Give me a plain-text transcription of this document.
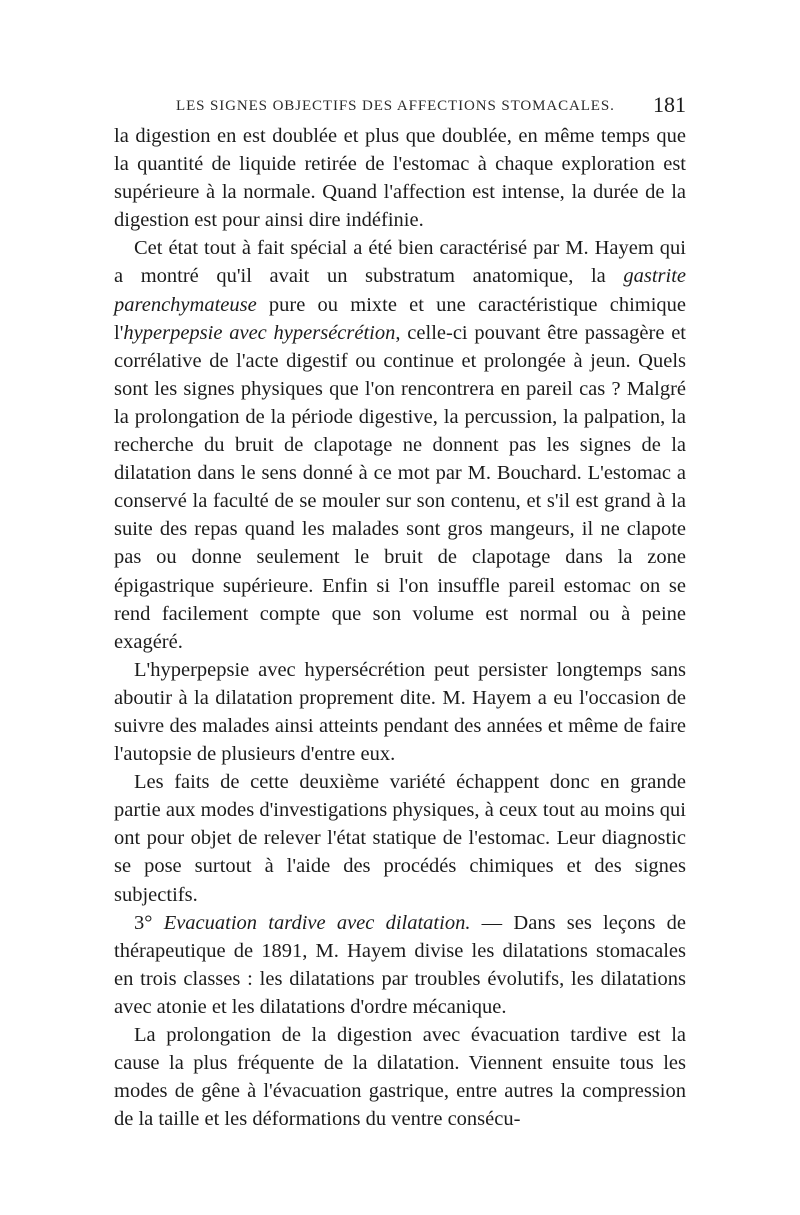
LES SIGNES OBJECTIFS DES AFFECTIONS STOMACALES. 181

la digestion en est doublée et plus que doublée, en même temps que la quantité de liquide retirée de l'estomac à chaque exploration est supérieure à la normale. Quand l'affection est intense, la durée de la digestion est pour ainsi dire indéfinie.

Cet état tout à fait spécial a été bien caractérisé par M. Hayem qui a montré qu'il avait un substratum anatomique, la gastrite parenchymateuse pure ou mixte et une caractéristique chimique l'hyperpepsie avec hypersécrétion, celle-ci pouvant être passagère et corrélative de l'acte digestif ou continue et prolongée à jeun. Quels sont les signes physiques que l'on rencontrera en pareil cas ? Malgré la prolongation de la période digestive, la percussion, la palpation, la recherche du bruit de clapotage ne donnent pas les signes de la dilatation dans le sens donné à ce mot par M. Bouchard. L'estomac a conservé la faculté de se mouler sur son contenu, et s'il est grand à la suite des repas quand les malades sont gros mangeurs, il ne clapote pas ou donne seulement le bruit de clapotage dans la zone épigastrique supérieure. Enfin si l'on insuffle pareil estomac on se rend facilement compte que son volume est normal ou à peine exagéré.

L'hyperpepsie avec hypersécrétion peut persister longtemps sans aboutir à la dilatation proprement dite. M. Hayem a eu l'occasion de suivre des malades ainsi atteints pendant des années et même de faire l'autopsie de plusieurs d'entre eux.

Les faits de cette deuxième variété échappent donc en grande partie aux modes d'investigations physiques, à ceux tout au moins qui ont pour objet de relever l'état statique de l'estomac. Leur diagnostic se pose surtout à l'aide des procédés chimiques et des signes subjectifs.

3° Evacuation tardive avec dilatation. — Dans ses leçons de thérapeutique de 1891, M. Hayem divise les dilatations stomacales en trois classes : les dilatations par troubles évolutifs, les dilatations avec atonie et les dilatations d'ordre mécanique.

La prolongation de la digestion avec évacuation tardive est la cause la plus fréquente de la dilatation. Viennent ensuite tous les modes de gêne à l'évacuation gastrique, entre autres la compression de la taille et les déformations du ventre consécu-
